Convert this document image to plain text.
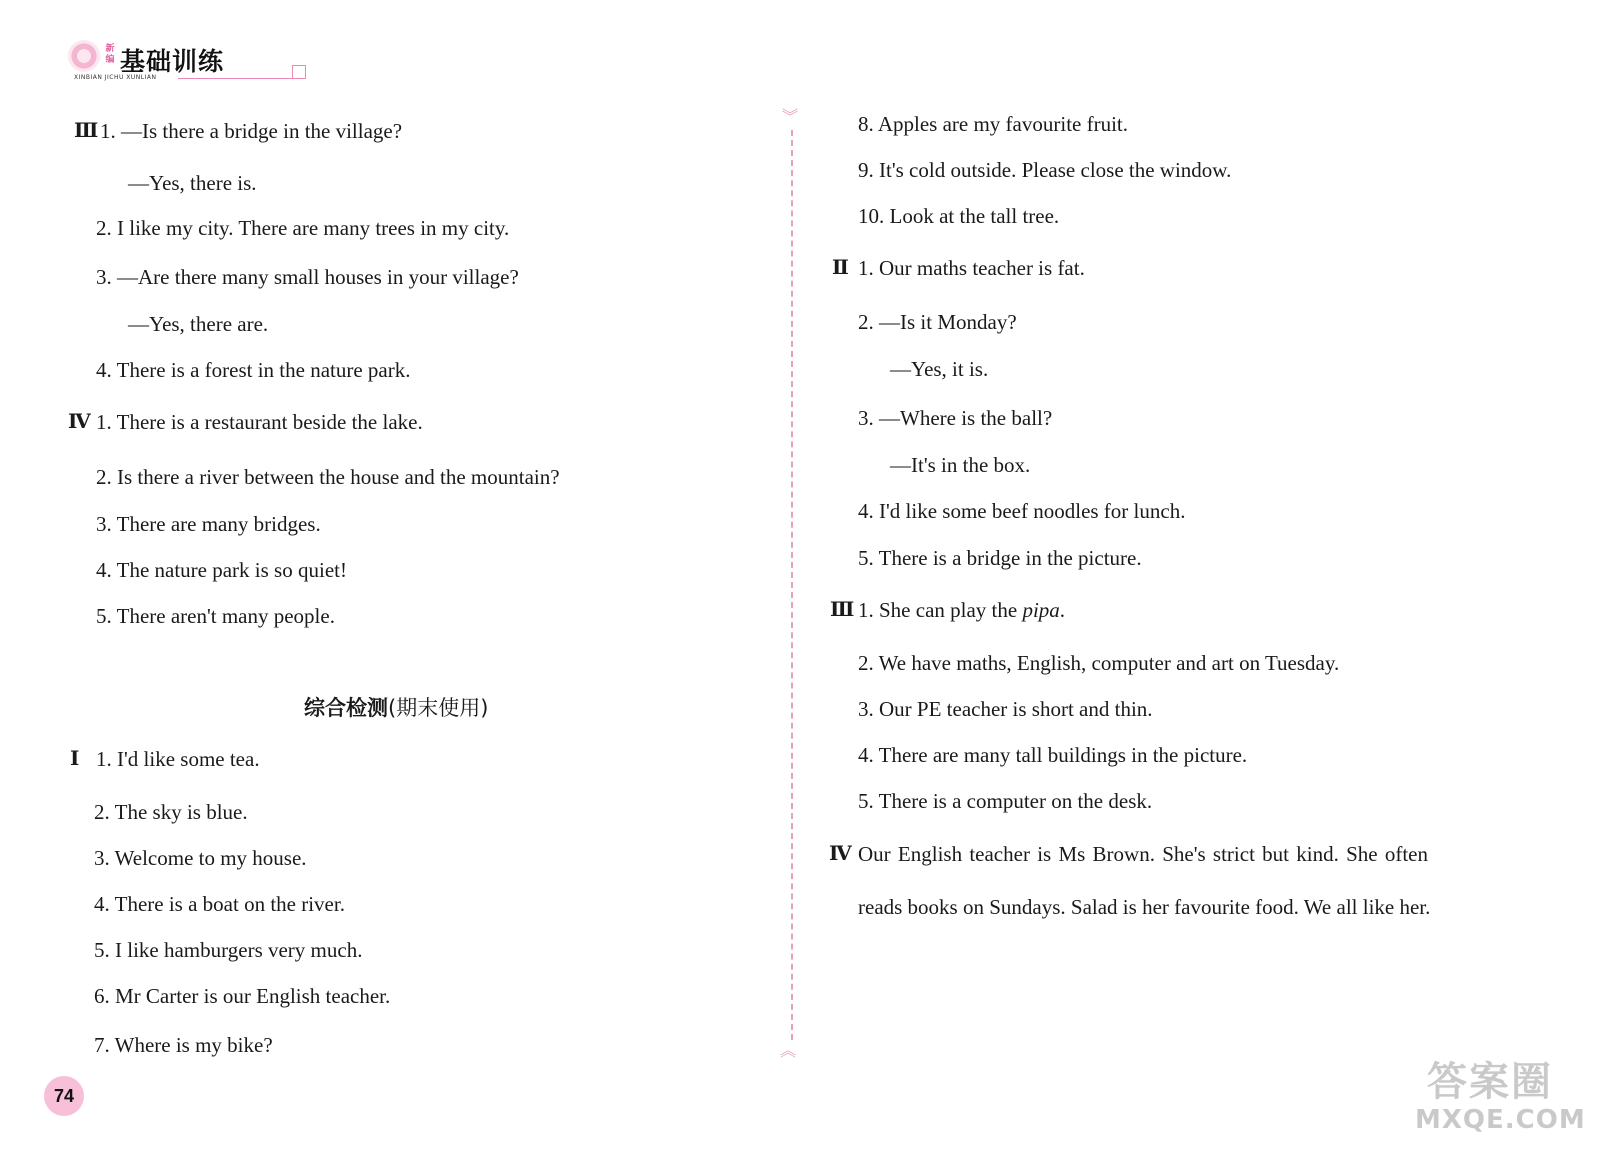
新编 基础训练
XINBIAN JICHU XUNLIAN
Ⅲ 1. —Is there a bridge in the village?
—Yes, there is.
2. I like my city. There are many trees in my city.
3. —Are there many small houses in your village?
—Yes, there are.
4. There is a forest in the nature park.
Ⅳ 1. There is a restaurant beside the lake.
2. Is there a river between the house and the mountain?
3. There are many bridges.
4. The nature park is so quiet!
5. There aren't many people.
综合检测(期末使用)
Ⅰ 1. I'd like some tea.
2. The sky is blue.
3. Welcome to my house.
4. There is a boat on the river.
5. I like hamburgers very much.
6. Mr Carter is our English teacher.
7. Where is my bike?
︾
︽
8. Apples are my favourite fruit.
9. It's cold outside. Please close the window.
10. Look at the tall tree.
Ⅱ 1. Our maths teacher is fat.
2. —Is it Monday?
—Yes, it is.
3. —Where is the ball?
—It's in the box.
4. I'd like some beef noodles for lunch.
5. There is a bridge in the picture.
Ⅲ 1. She can play the pipa.
2. We have maths, English, computer and art on Tuesday.
3. Our PE teacher is short and thin.
4. There are many tall buildings in the picture.
5. There is a computer on the desk.
Ⅳ Our English teacher is Ms Brown. She's strict but kind. She often
reads books on Sundays. Salad is her favourite food. We all like her.
74	答案圈
MXQE.COM
